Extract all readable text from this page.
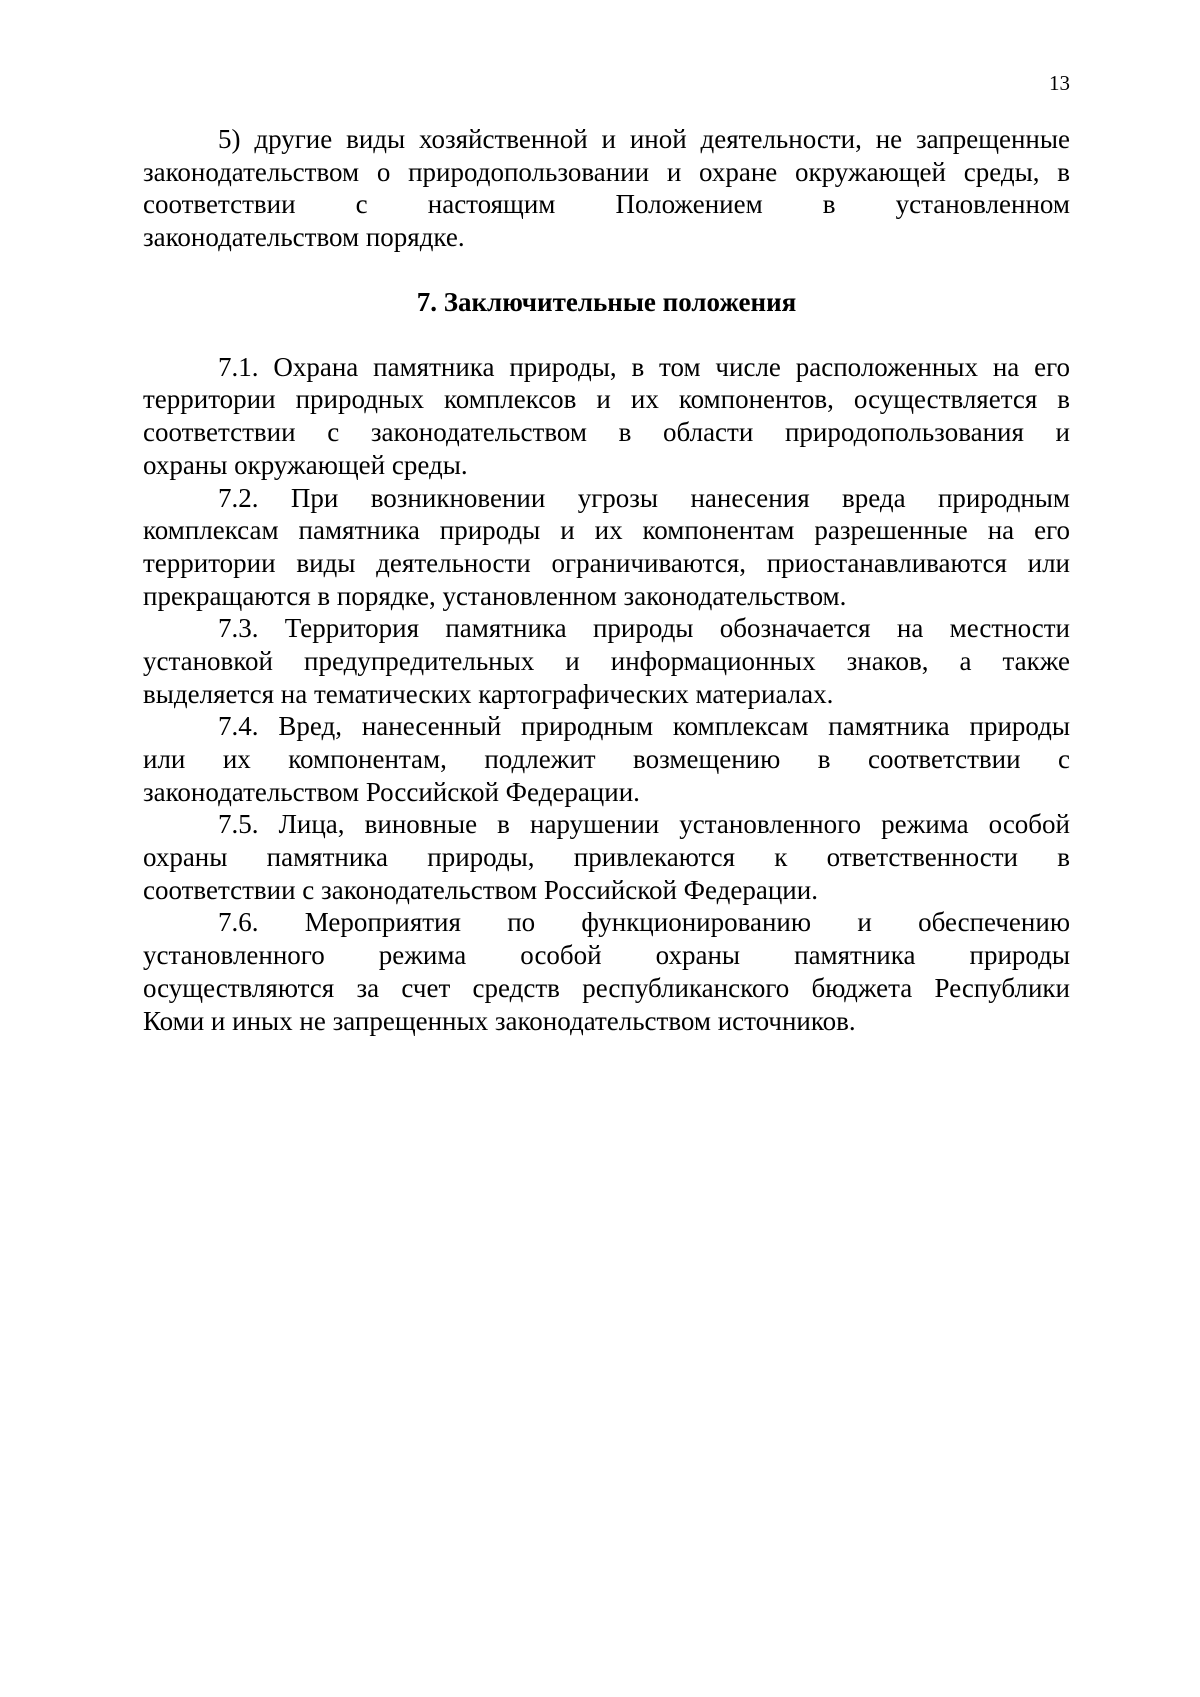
13

5) другие виды хозяйственной и иной деятельности, не запрещенные
законодательством о природопользовании и охране окружающей среды, в
соответствии с настоящим Положением в установленном
законодательством порядке.

7. Заключительные положения

7.1. Охрана памятника природы, в том числе расположенных на его
территории природных комплексов и их компонентов, осуществляется в
соответствии с законодательством в области природопользования и
охраны окружающей среды.

7.2. При возникновении угрозы нанесения вреда природным
комплексам памятника природы и их компонентам разрешенные на его
территории виды деятельности ограничиваются, приостанавливаются или
прекращаются в порядке, установленном законодательством.

7.3. Территория памятника природы обозначается на местности
установкой предупредительных и информационных знаков, а также
выделяется на тематических картографических материалах.

7.4. Вред, нанесенный природным комплексам памятника природы
или их компонентам, подлежит возмещению в соответствии с
законодательством Российской Федерации.

7.5. Лица, виновные в нарушении установленного режима особой
охраны памятника природы, привлекаются к ответственности в
соответствии с законодательством Российской Федерации.

7.6. Мероприятия по функционированию и обеспечению
установленного режима особой охраны памятника природы
осуществляются за счет средств республиканского бюджета Республики
Коми и иных не запрещенных законодательством источников.
